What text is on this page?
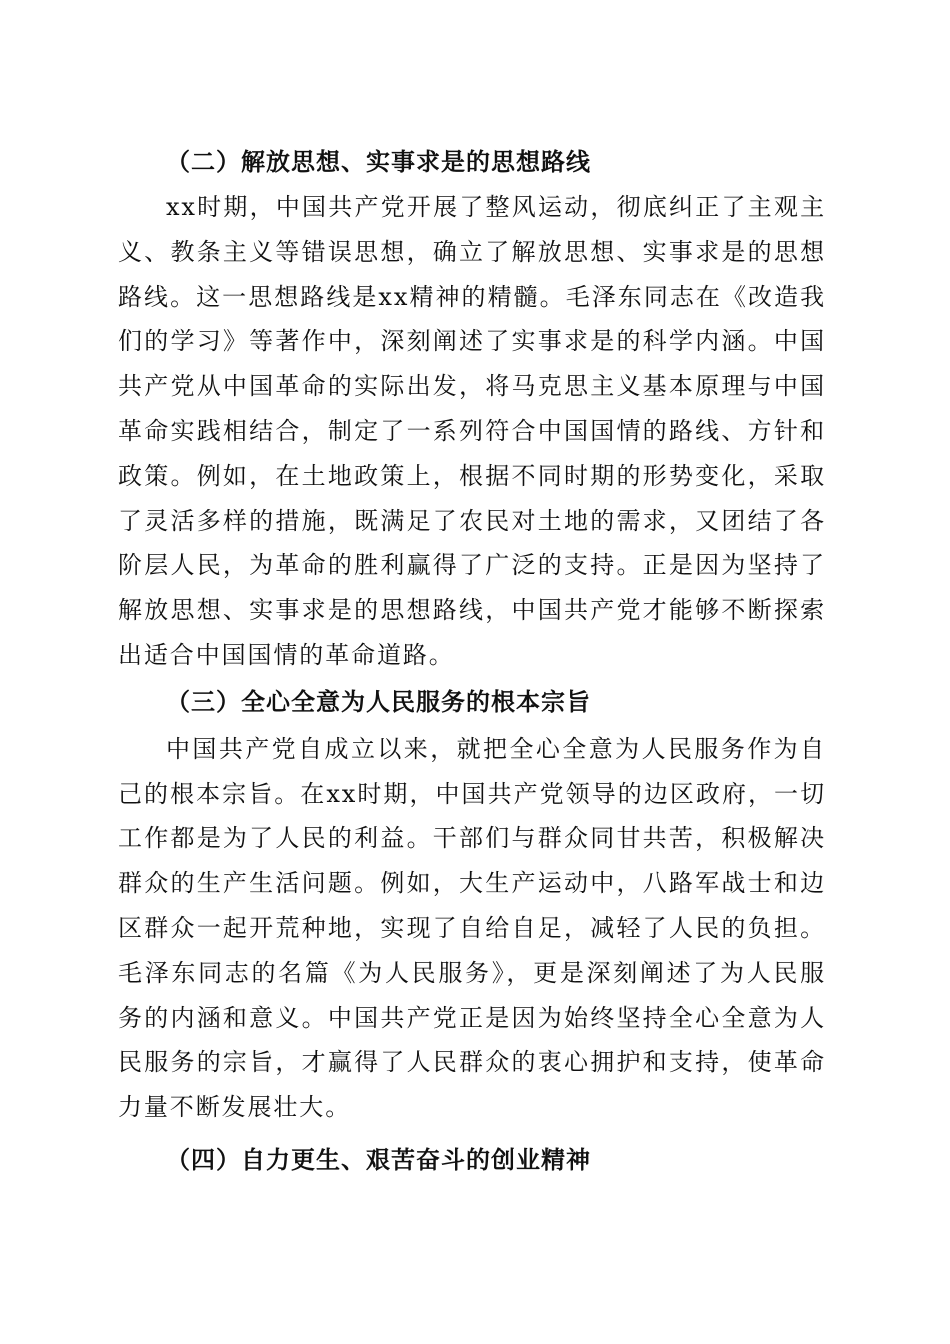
（二）解放思想、实事求是的思想路线

xx时期，中国共产党开展了整风运动，彻底纠正了主观主义、教条主义等错误思想，确立了解放思想、实事求是的思想路线。这一思想路线是xx精神的精髓。毛泽东同志在《改造我们的学习》等著作中，深刻阐述了实事求是的科学内涵。中国共产党从中国革命的实际出发，将马克思主义基本原理与中国革命实践相结合，制定了一系列符合中国国情的路线、方针和政策。例如，在土地政策上，根据不同时期的形势变化，采取了灵活多样的措施，既满足了农民对土地的需求，又团结了各阶层人民，为革命的胜利赢得了广泛的支持。正是因为坚持了解放思想、实事求是的思想路线，中国共产党才能够不断探索出适合中国国情的革命道路。

（三）全心全意为人民服务的根本宗旨

中国共产党自成立以来，就把全心全意为人民服务作为自己的根本宗旨。在xx时期，中国共产党领导的边区政府，一切工作都是为了人民的利益。干部们与群众同甘共苦，积极解决群众的生产生活问题。例如，大生产运动中，八路军战士和边区群众一起开荒种地，实现了自给自足，减轻了人民的负担。毛泽东同志的名篇《为人民服务》，更是深刻阐述了为人民服务的内涵和意义。中国共产党正是因为始终坚持全心全意为人民服务的宗旨，才赢得了人民群众的衷心拥护和支持，使革命力量不断发展壮大。

（四）自力更生、艰苦奋斗的创业精神
